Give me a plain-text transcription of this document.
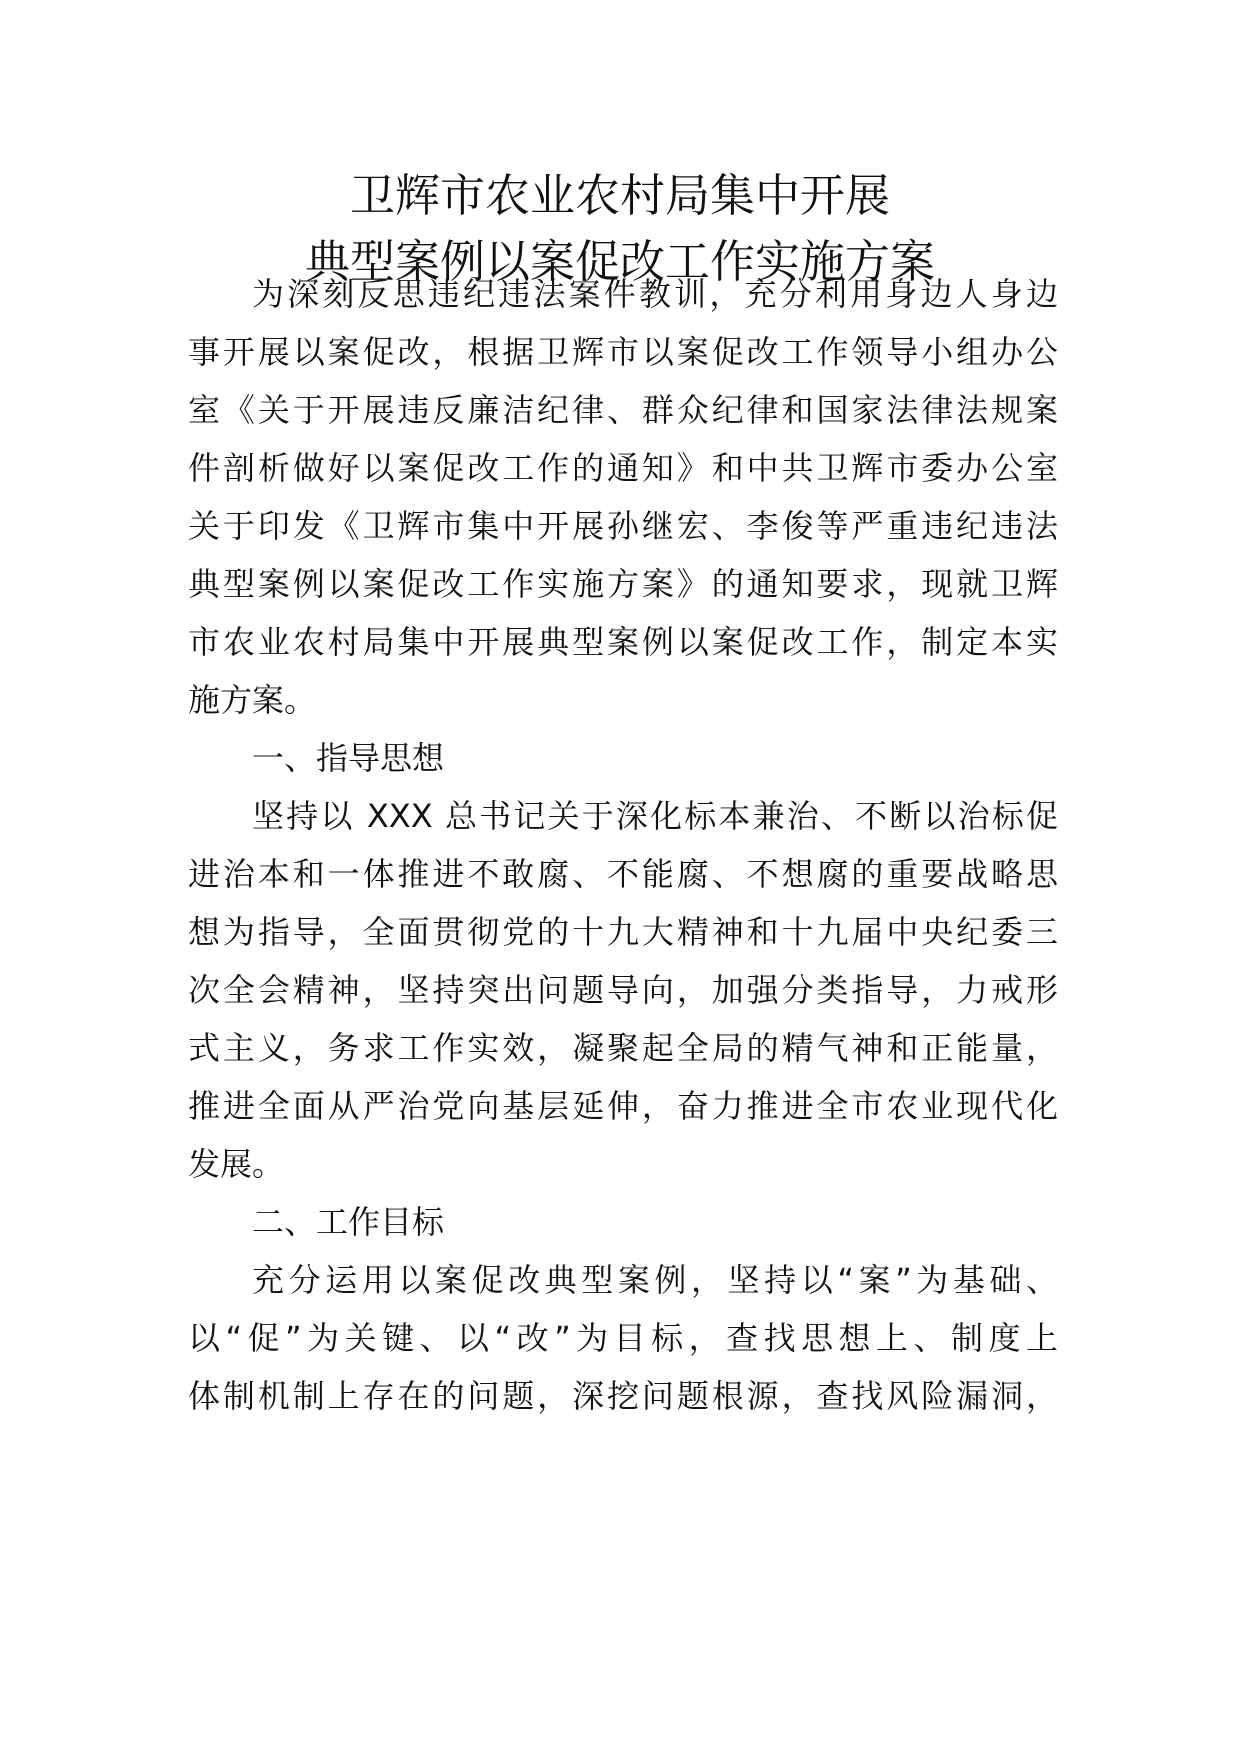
卫辉市农业农村局集中开展
典型案例以案促改工作实施方案
为深刻反思违纪违法案件教训，充分利用身边人身边
事开展以案促改，根据卫辉市以案促改工作领导小组办公
室《关于开展违反廉洁纪律、群众纪律和国家法律法规案
件剖析做好以案促改工作的通知》和中共卫辉市委办公室
关于印发《卫辉市集中开展孙继宏、李俊等严重违纪违法
典型案例以案促改工作实施方案》的通知要求，现就卫辉
市农业农村局集中开展典型案例以案促改工作，制定本实
施方案。
一、指导思想
坚持以 XXX 总书记关于深化标本兼治、不断以治标促
进治本和一体推进不敢腐、不能腐、不想腐的重要战略思
想为指导，全面贯彻党的十九大精神和十九届中央纪委三
次全会精神，坚持突出问题导向，加强分类指导，力戒形
式主义，务求工作实效，凝聚起全局的精气神和正能量，
推进全面从严治党向基层延伸，奋力推进全市农业现代化
发展。
二、工作目标
充分运用以案促改典型案例，坚持以“案”为基础、
以“促”为关键、以“改”为目标，查找思想上、制度上
体制机制上存在的问题，深挖问题根源，查找风险漏洞，
